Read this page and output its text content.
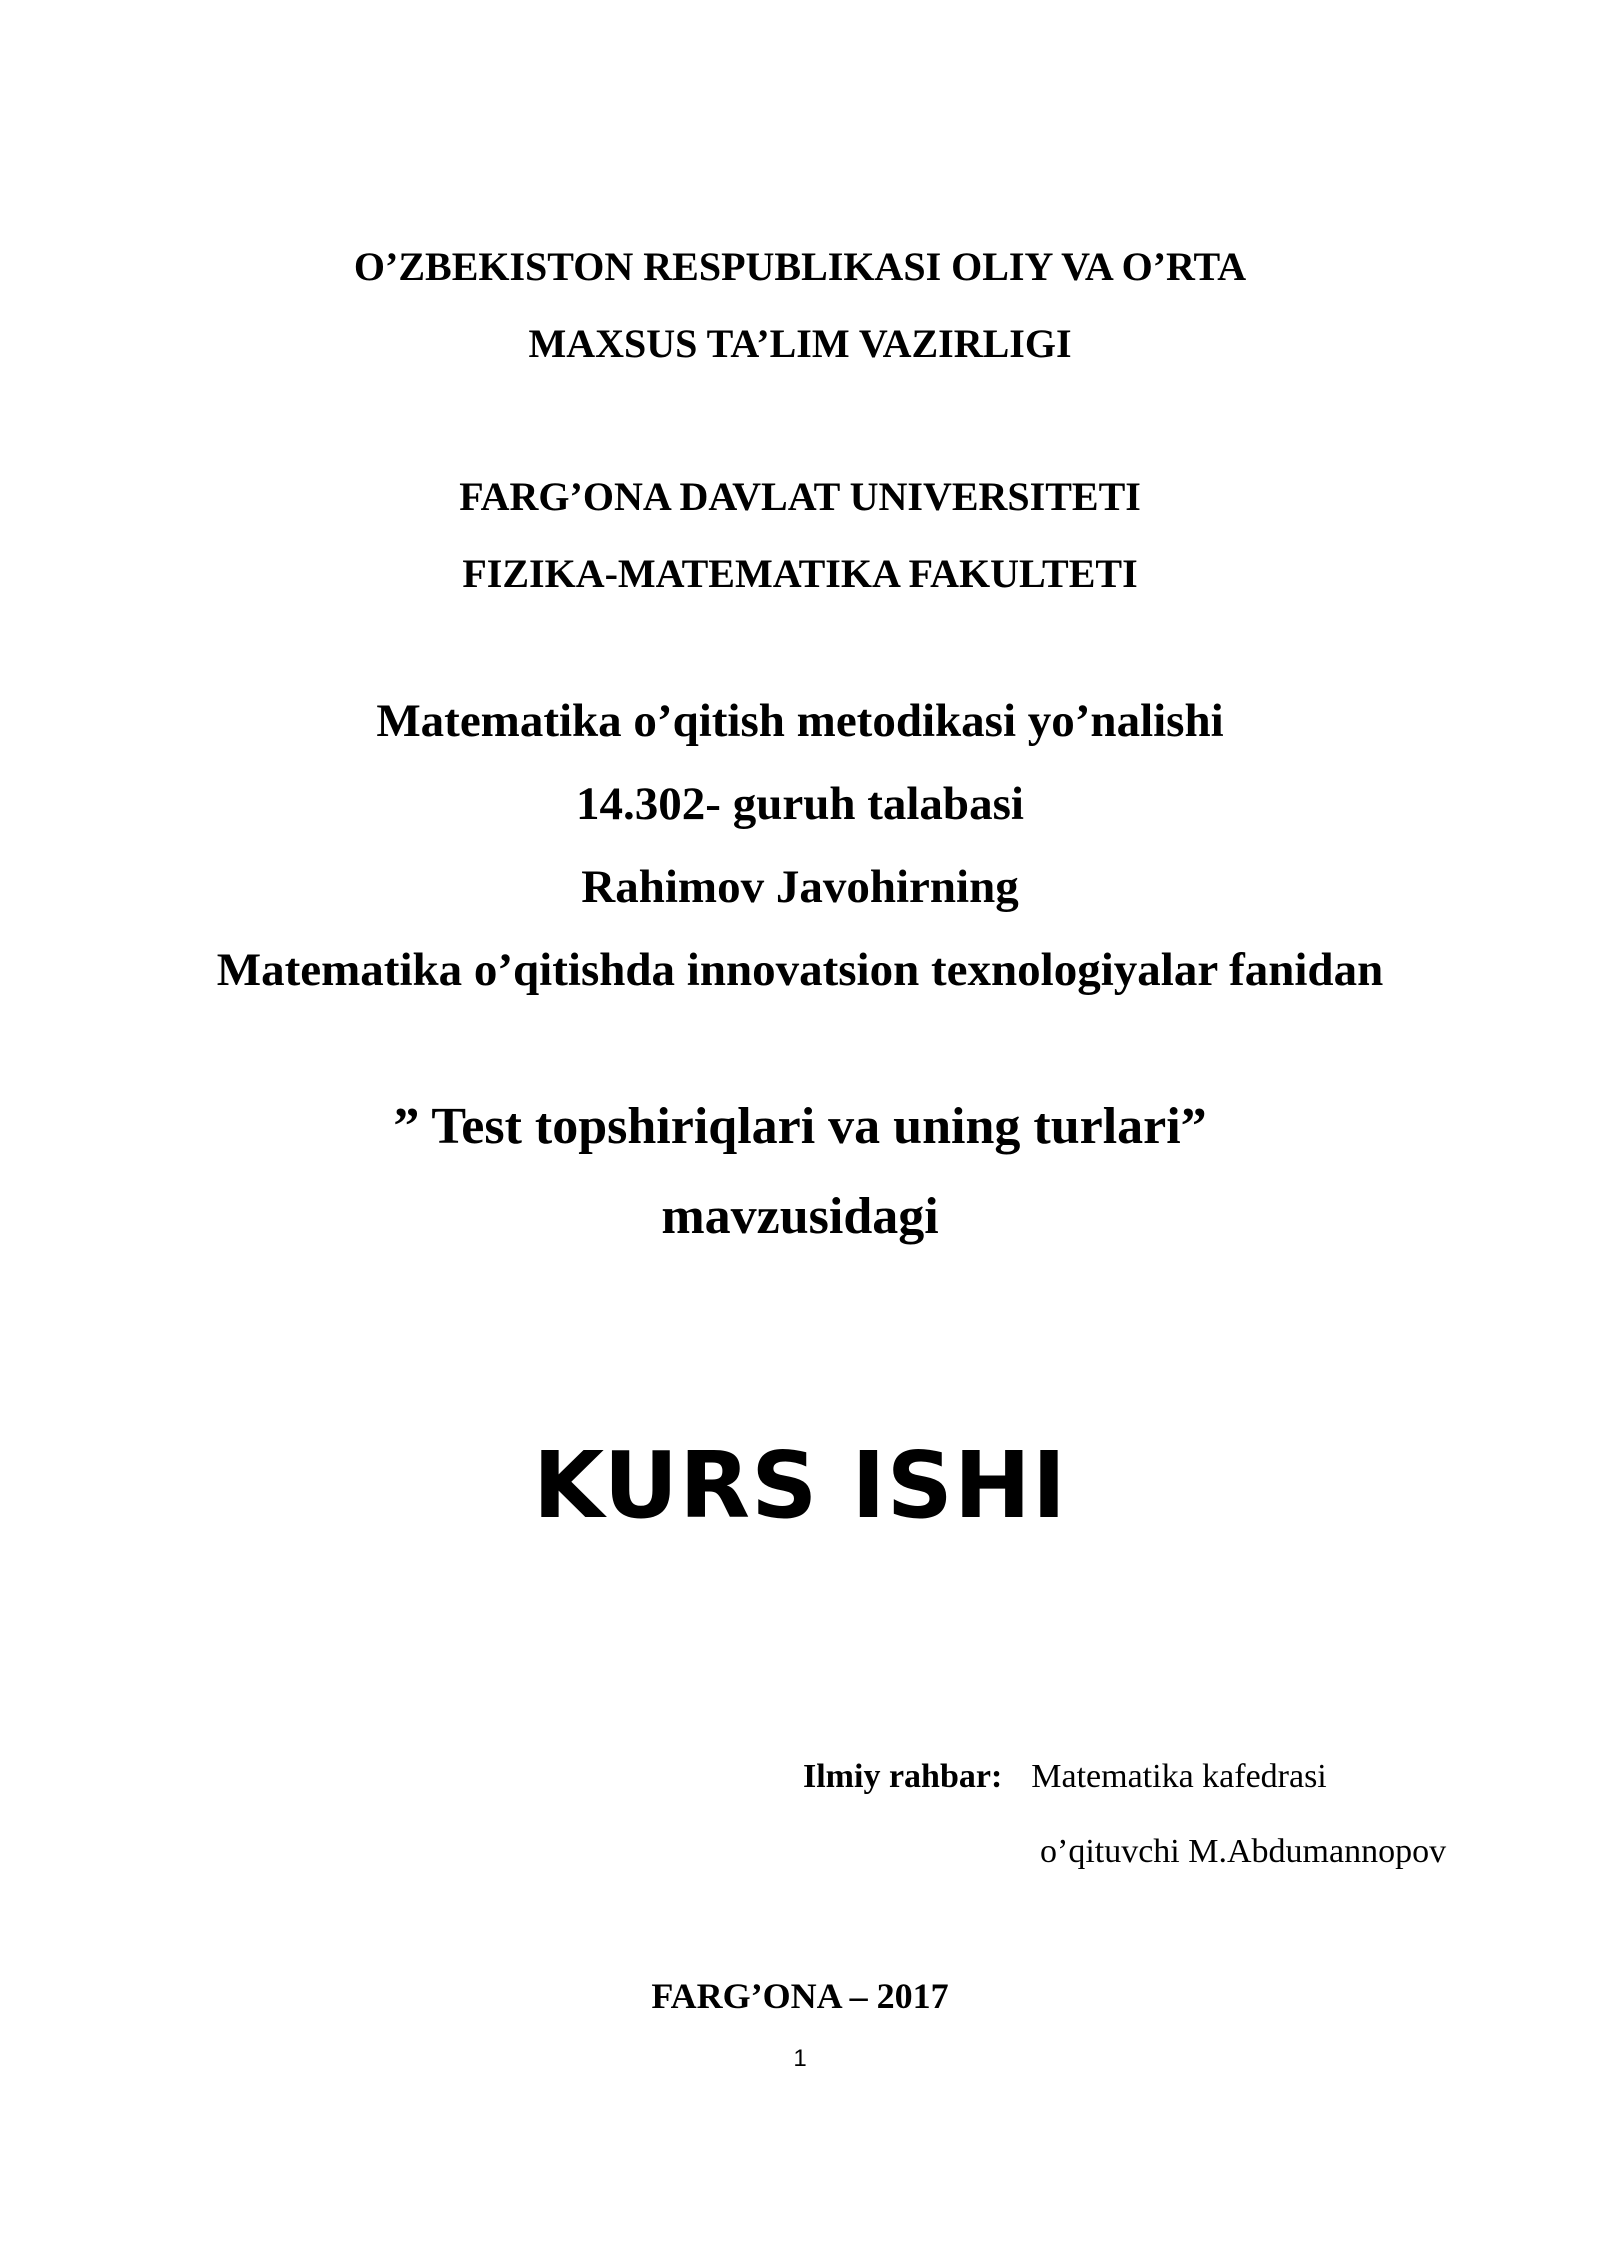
O’ZBEKISTON RESPUBLIKASI OLIY VA O’RTA

MAXSUS TA’LIM VAZIRLIGI

FARG’ONA DAVLAT UNIVERSITETI

FIZIKA-MATEMATIKA FAKULTETI

Matematika o’qitish metodikasi yo’nalishi

14.302- guruh talabasi

Rahimov Javohirning

Matematika o’qitishda innovatsion texnologiyalar fanidan

” Test topshiriqlari va uning turlari”

mavzusidagi

KURS ISHI

Ilmiy rahbar: Matematika kafedrasi

o’qituvchi M.Abdumannopov

FARG’ONA – 2017

1
